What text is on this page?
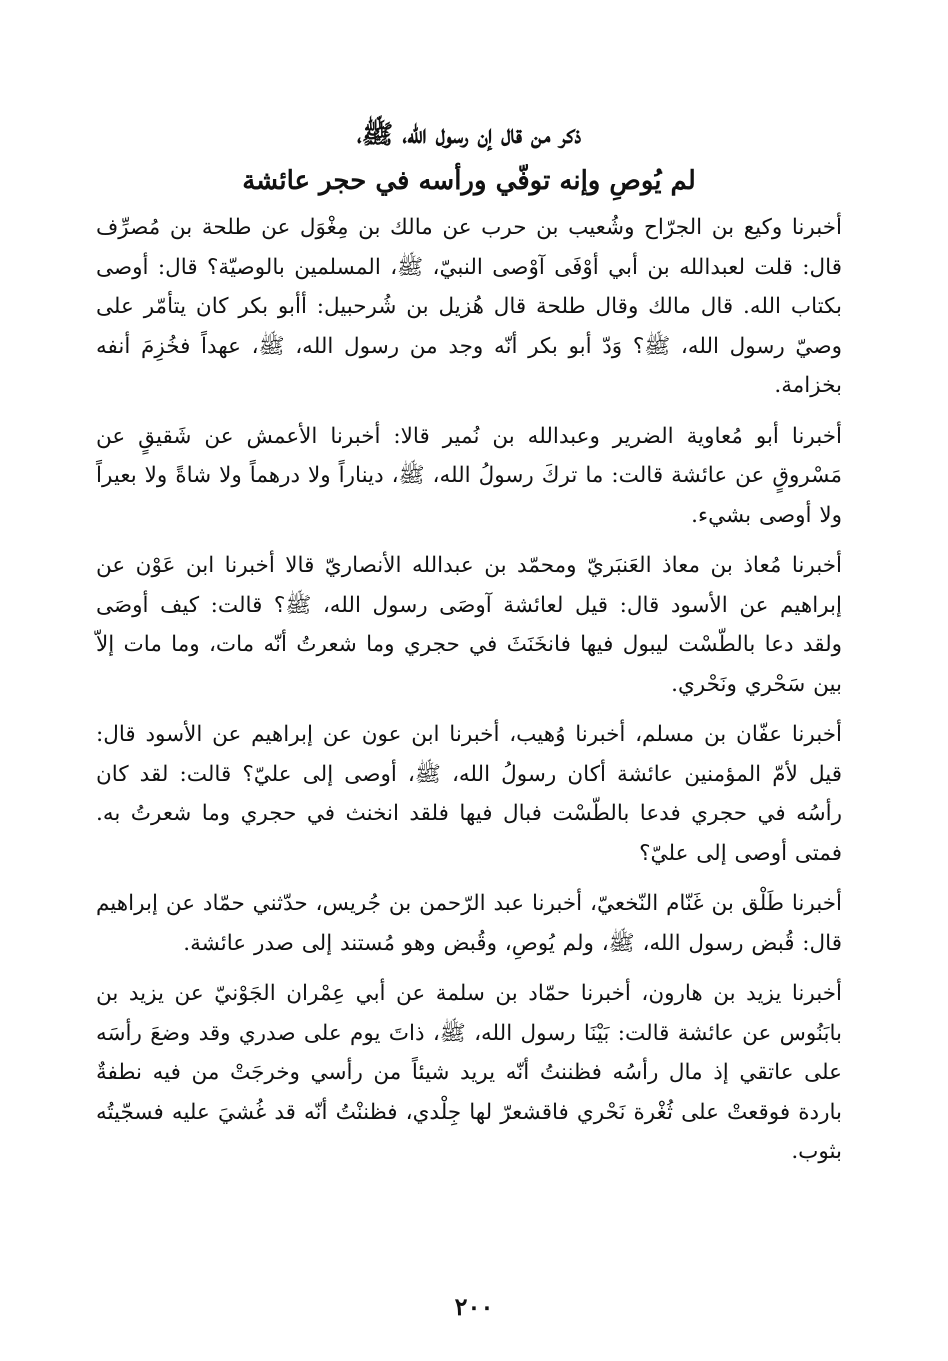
ذكر من قال إن رسول الله، ﷺ،

لم يُوصِ وإنه توفّي ورأسه في حجر عائشة

أخبرنا وكيع بن الجرّاح وشُعيب بن حرب عن مالك بن مِغْوَل عن طلحة بن مُصرِّف قال: قلت لعبدالله بن أبي أوْفَى آوْصى النبيّ، ﷺ، المسلمين بالوصيّة؟ قال: أوصى بكتاب الله. قال مالك وقال طلحة قال هُزيل بن شُرحبيل: أأبو بكر كان يتأمّر على وصيّ رسول الله، ﷺ؟ وَدّ أبو بكر أنّه وجد من رسول الله، ﷺ، عهداً فخُزِمَ أنفه بخزامة.

أخبرنا أبو مُعاوية الضرير وعبدالله بن نُمير قالا: أخبرنا الأعمش عن شَقيقٍ عن مَسْروقٍ عن عائشة قالت: ما تركَ رسولُ الله، ﷺ، ديناراً ولا درهماً ولا شاةً ولا بعيراً ولا أوصى بشيء.

أخبرنا مُعاذ بن معاذ العَنبَريّ ومحمّد بن عبدالله الأنصاريّ قالا أخبرنا ابن عَوْن عن إبراهيم عن الأسود قال: قيل لعائشة آوصَى رسول الله، ﷺ؟ قالت: كيف أوصَى ولقد دعا بالطّسْت ليبول فيها فانخَنَثَ في حجري وما شعرتُ أنّه مات، وما مات إلاّ بين سَحْري ونَحْري.

أخبرنا عفّان بن مسلم، أخبرنا وُهيب، أخبرنا ابن عون عن إبراهيم عن الأسود قال: قيل لأمّ المؤمنين عائشة أكان رسولُ الله، ﷺ، أوصى إلى عليّ؟ قالت: لقد كان رأسُه في حجري فدعا بالطّسْت فبال فيها فلقد انخنث في حجري وما شعرتُ به. فمتى أوصى إلى عليّ؟

أخبرنا طَلْق بن غَنّام النّخعيّ، أخبرنا عبد الرّحمن بن جُريس، حدّثني حمّاد عن إبراهيم قال: قُبض رسول الله، ﷺ، ولم يُوصِ، وقُبض وهو مُستند إلى صدر عائشة.

أخبرنا يزيد بن هارون، أخبرنا حمّاد بن سلمة عن أبي عِمْران الجَوْنيّ عن يزيد بن بابَنُوس عن عائشة قالت: بَيْنَا رسول الله، ﷺ، ذاتَ يوم على صدري وقد وضعَ رأسَه على عاتقي إذ مال رأسُه فظننتُ أنّه يريد شيئاً من رأسي وخرجَتْ من فيه نطفةٌ باردة فوقعتْ على ثُغْرة نَحْري فاقشعرّ لها جِلْدي، فظننْتُ أنّه قد غُشيَ عليه فسجّيتُه بثوب.

٢٠٠
